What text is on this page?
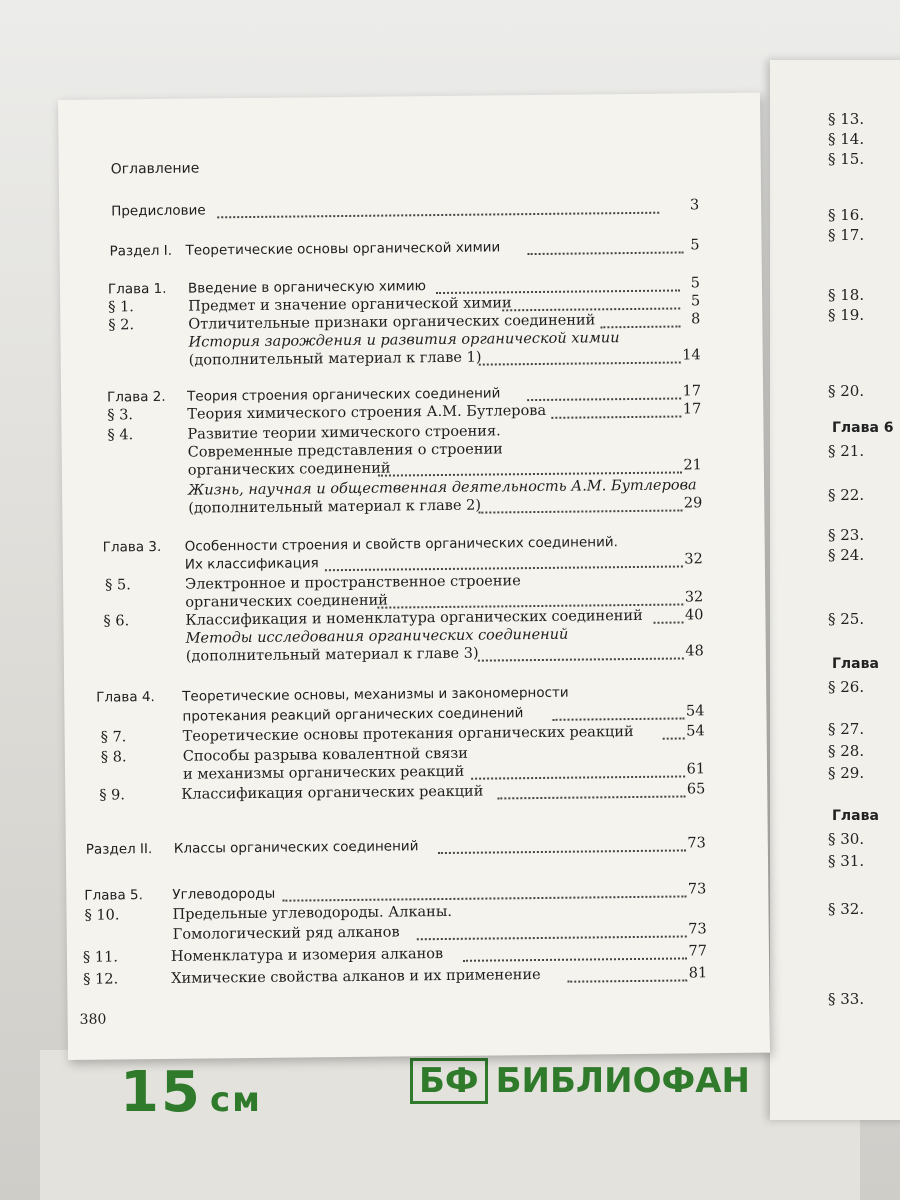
15 см	БФ БИБЛИОФАН
§ 13.
§ 14.
§ 15.
§ 16.
§ 17.
§ 18.
§ 19.
§ 20.
Глава 6
§ 21.
§ 22.
§ 23.
§ 24.
§ 25.
Глава
§ 26.
§ 27.
§ 28.
§ 29.
Глава
§ 30.
§ 31.
§ 32.
§ 33.
Оглавление
Предисловие	3
Раздел I. Теоретические основы органической химии	5
Глава 1. Введение в органическую химию	5
§ 1.	Предмет и значение органической химии	5
§ 2.	Отличительные признаки органических соединений	8
История зарождения и развития органической химии
(дополнительный материал к главе 1)	14
Глава 2. Теория строения органических соединений	17
§ 3.	Теория химического строения А.М. Бутлерова	17
§ 4.	Развитие теории химического строения.
Современные представления о строении
органических соединений	21
Жизнь, научная и общественная деятельность А.М. Бутлерова
(дополнительный материал к главе 2)	29
Глава 3. Особенности строения и свойств органических соединений.
Их классификация	32
§ 5.	Электронное и пространственное строение
органических соединений	32
§ 6.	Классификация и номенклатура органических соединений	40
Методы исследования органических соединений
(дополнительный материал к главе 3)	48
Глава 4. Теоретические основы, механизмы и закономерности
протекания реакций органических соединений	54
§ 7.	Теоретические основы протекания органических реакций	54
§ 8.	Способы разрыва ковалентной связи
и механизмы органических реакций	61
§ 9.	Классификация органических реакций	65
Раздел II. Классы органических соединений	73
Глава 5. Углеводороды	73
§ 10.	Предельные углеводороды. Алканы.
Гомологический ряд алканов	73
§ 11.	Номенклатура и изомерия алканов	77
§ 12.	Химические свойства алканов и их применение	81
380
